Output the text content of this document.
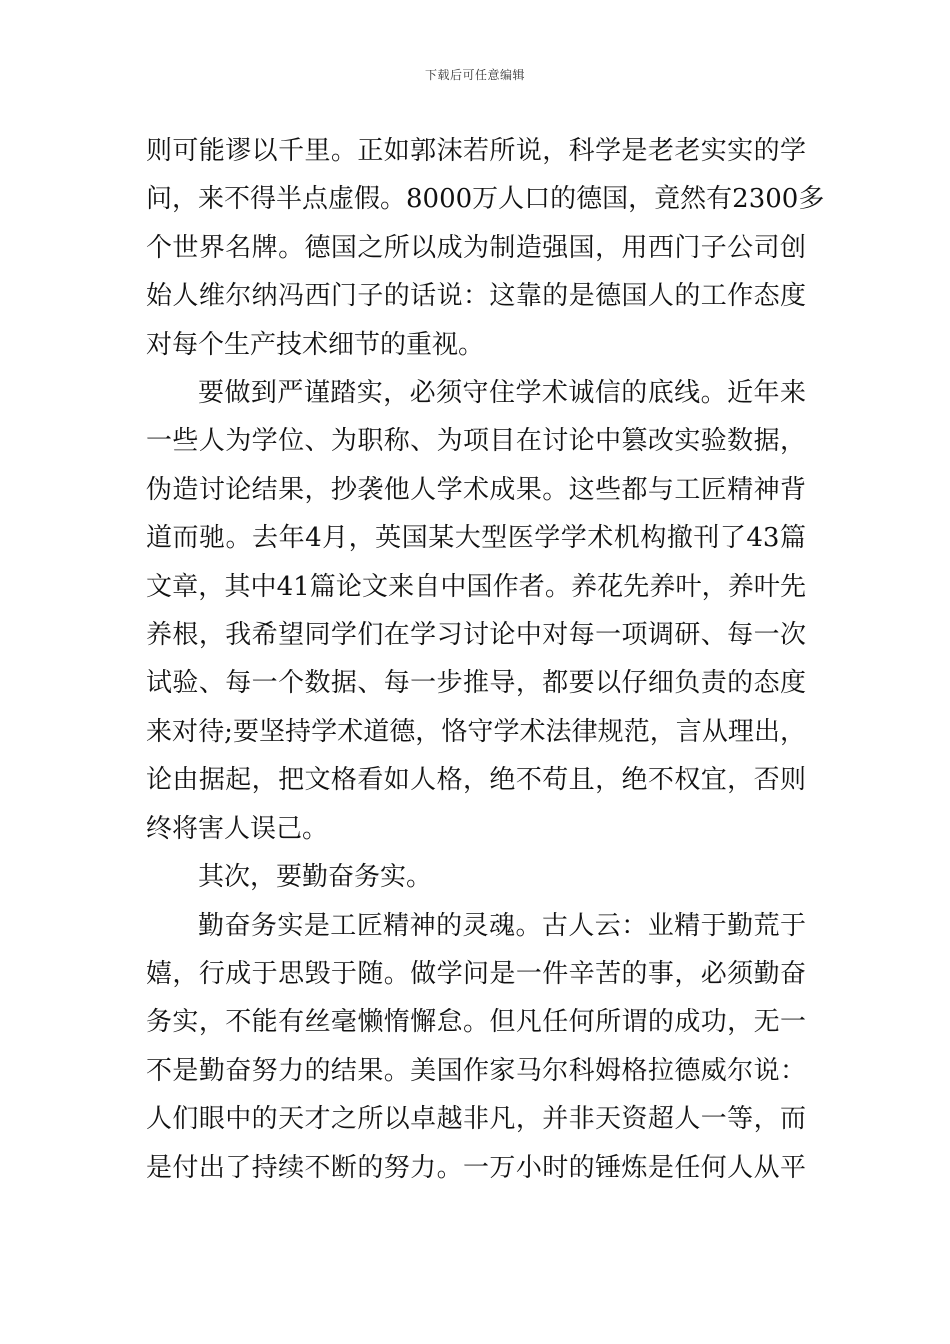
下载后可任意编辑
则可能谬以千里。正如郭沫若所说，科学是老老实实的学
问，来不得半点虚假。8000万人口的德国，竟然有2300多
个世界名牌。德国之所以成为制造强国，用西门子公司创
始人维尔纳冯西门子的话说：这靠的是德国人的工作态度
对每个生产技术细节的重视。
要做到严谨踏实，必须守住学术诚信的底线。近年来
一些人为学位、为职称、为项目在讨论中篡改实验数据，
伪造讨论结果，抄袭他人学术成果。这些都与工匠精神背
道而驰。去年4月，英国某大型医学学术机构撤刊了43篇
文章，其中41篇论文来自中国作者。养花先养叶，养叶先
养根，我希望同学们在学习讨论中对每一项调研、每一次
试验、每一个数据、每一步推导，都要以仔细负责的态度
来对待;要坚持学术道德，恪守学术法律规范，言从理出，
论由据起，把文格看如人格，绝不苟且，绝不权宜，否则
终将害人误己。
其次，要勤奋务实。
勤奋务实是工匠精神的灵魂。古人云：业精于勤荒于
嬉，行成于思毁于随。做学问是一件辛苦的事，必须勤奋
务实，不能有丝毫懒惰懈怠。但凡任何所谓的成功，无一
不是勤奋努力的结果。美国作家马尔科姆格拉德威尔说：
人们眼中的天才之所以卓越非凡，并非天资超人一等，而
是付出了持续不断的努力。一万小时的锤炼是任何人从平
